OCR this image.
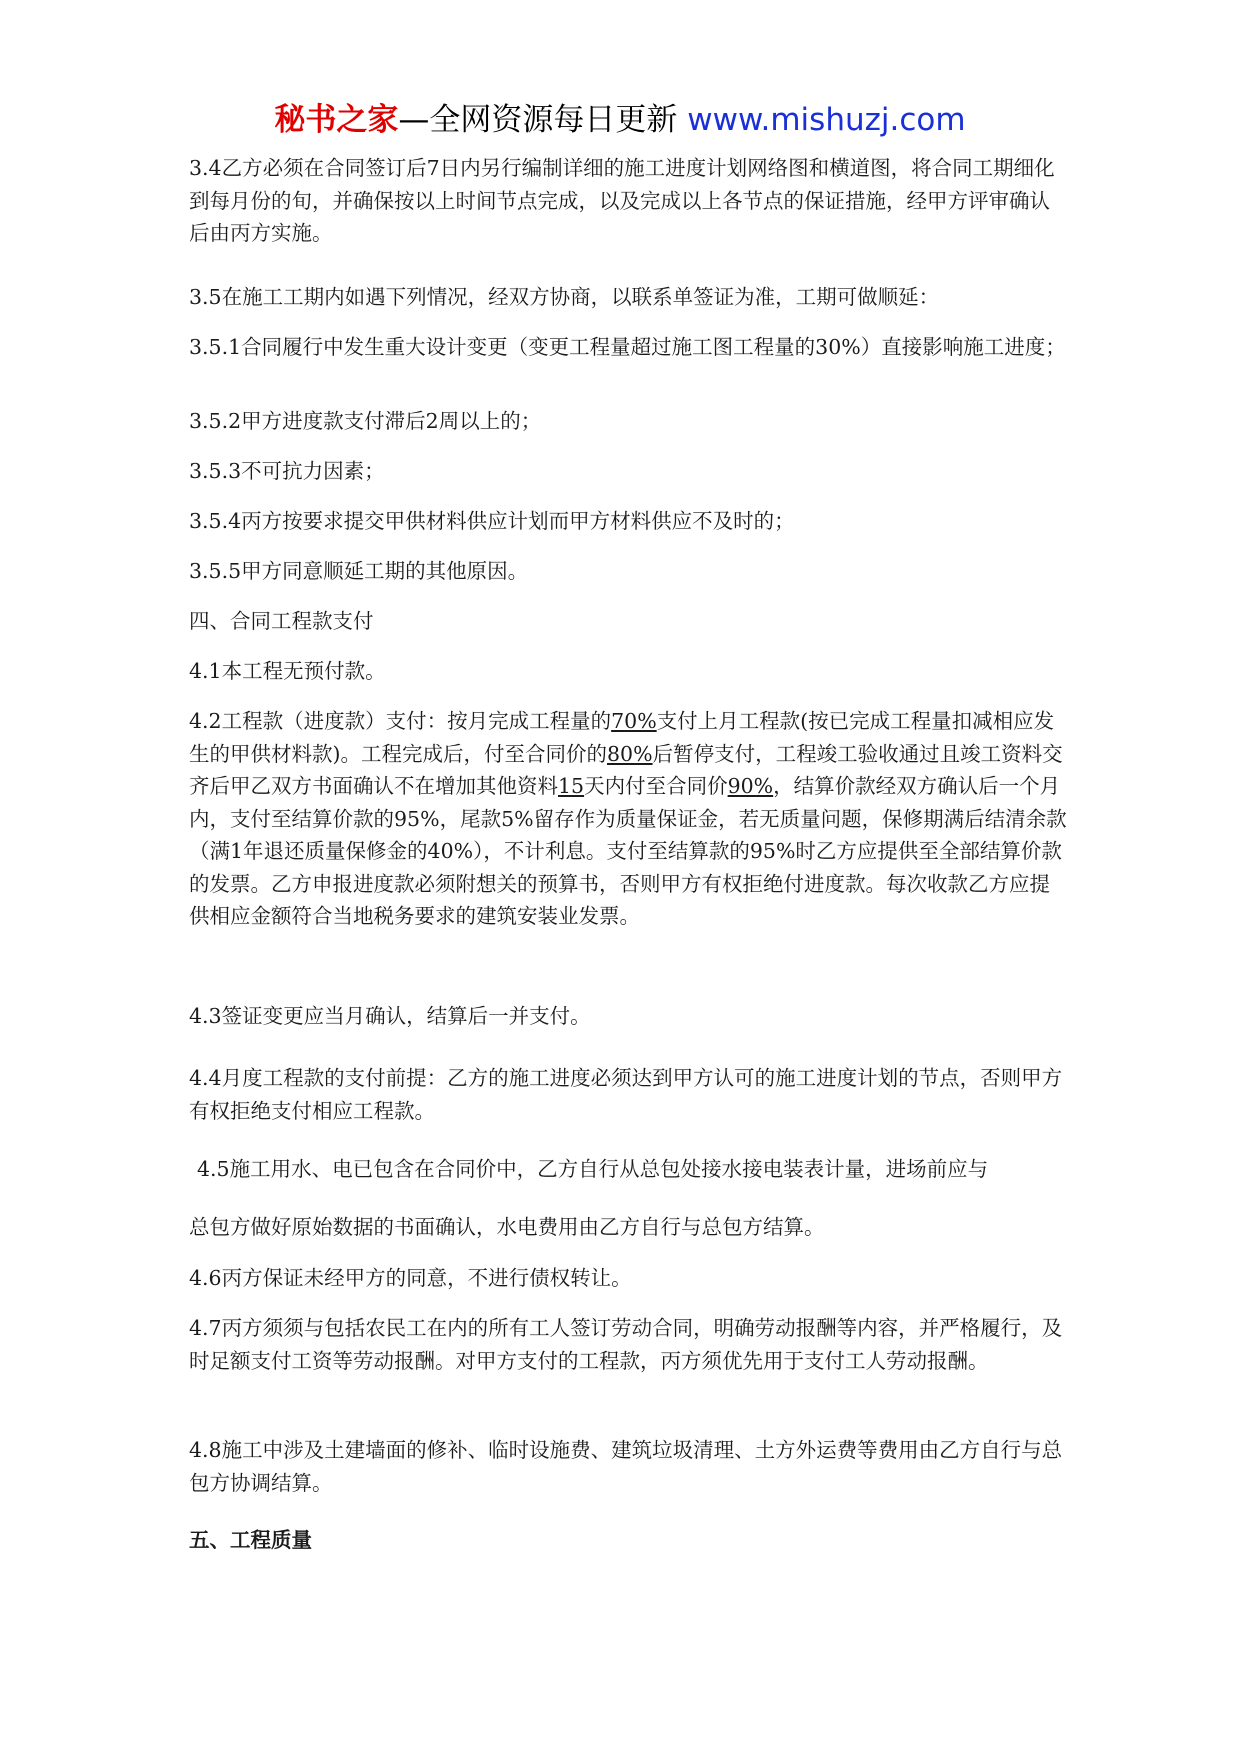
秘书之家—全网资源每日更新 www.mishuzj.com

3.4乙方必须在合同签订后7日内另行编制详细的施工进度计划网络图和横道图，将合同工期细化到每月份的旬，并确保按以上时间节点完成，以及完成以上各节点的保证措施，经甲方评审确认后由丙方实施。

3.5在施工工期内如遇下列情况，经双方协商，以联系单签证为准，工期可做顺延：

3.5.1合同履行中发生重大设计变更（变更工程量超过施工图工程量的30%）直接影响施工进度；

3.5.2甲方进度款支付滞后2周以上的；

3.5.3不可抗力因素；

3.5.4丙方按要求提交甲供材料供应计划而甲方材料供应不及时的；

3.5.5甲方同意顺延工期的其他原因。

四、合同工程款支付

4.1本工程无预付款。

4.2工程款（进度款）支付：按月完成工程量的70%支付上月工程款(按已完成工程量扣减相应发生的甲供材料款)。工程完成后，付至合同价的80%后暂停支付，工程竣工验收通过且竣工资料交齐后甲乙双方书面确认不在增加其他资料15天内付至合同价90%，结算价款经双方确认后一个月内，支付至结算价款的95%，尾款5%留存作为质量保证金，若无质量问题，保修期满后结清余款（满1年退还质量保修金的40%），不计利息。支付至结算款的95%时乙方应提供至全部结算价款的发票。乙方申报进度款必须附想关的预算书，否则甲方有权拒绝付进度款。每次收款乙方应提供相应金额符合当地税务要求的建筑安装业发票。

4.3签证变更应当月确认，结算后一并支付。

4.4月度工程款的支付前提：乙方的施工进度必须达到甲方认可的施工进度计划的节点，否则甲方有权拒绝支付相应工程款。

4.5施工用水、电已包含在合同价中，乙方自行从总包处接水接电装表计量，进场前应与

总包方做好原始数据的书面确认，水电费用由乙方自行与总包方结算。

4.6丙方保证未经甲方的同意，不进行债权转让。

4.7丙方须须与包括农民工在内的所有工人签订劳动合同，明确劳动报酬等内容，并严格履行，及时足额支付工资等劳动报酬。对甲方支付的工程款，丙方须优先用于支付工人劳动报酬。

4.8施工中涉及土建墙面的修补、临时设施费、建筑垃圾清理、土方外运费等费用由乙方自行与总包方协调结算。

五、工程质量
